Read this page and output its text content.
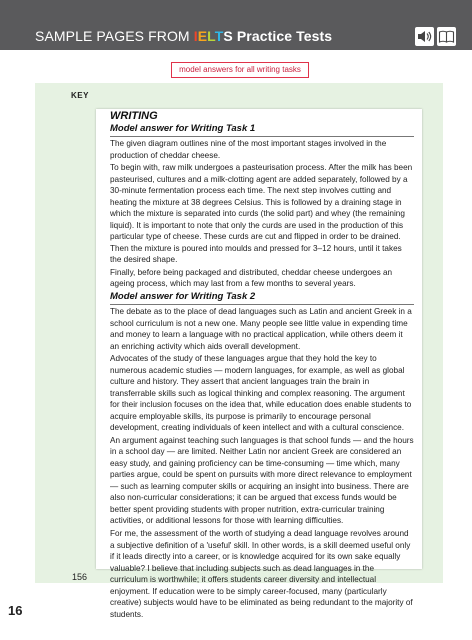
SAMPLE PAGES FROM IELTS Practice Tests
model answers for all writing tasks
KEY
WRITING
Model answer for Writing Task 1

The given diagram outlines nine of the most important stages involved in the production of cheddar cheese.

To begin with, raw milk undergoes a pasteurisation process. After the milk has been pasteurised, cultures and a milk-clotting agent are added separately, followed by a 30-minute fermentation process each time. The next step involves cutting and heating the mixture at 38 degrees Celsius. This is followed by a draining stage in which the mixture is separated into curds (the solid part) and whey (the remaining liquid). It is important to note that only the curds are used in the production of this particular type of cheese. These curds are cut and flipped in order to be drained. Then the mixture is poured into moulds and pressed for 3–12 hours, until it takes the desired shape.

Finally, before being packaged and distributed, cheddar cheese undergoes an ageing process, which may last from a few months to several years.

Model answer for Writing Task 2

The debate as to the place of dead languages such as Latin and ancient Greek in a school curriculum is not a new one. Many people see little value in expending time and money to learn a language with no practical application, while others deem it an enriching activity which aids overall development.

Advocates of the study of these languages argue that they hold the key to numerous academic studies — modern languages, for example, as well as global culture and history. They assert that ancient languages train the brain in transferrable skills such as logical thinking and complex reasoning. The argument for their inclusion focuses on the idea that, while education does enable students to acquire employable skills, its purpose is primarily to encourage personal development, creating individuals of keen intellect and with a cultural conscience.

An argument against teaching such languages is that school funds — and the hours in a school day — are limited. Neither Latin nor ancient Greek are considered an easy study, and gaining proficiency can be time-consuming — time which, many parties argue, could be spent on pursuits with more direct relevance to employment — such as learning computer skills or acquiring an insight into business. There are also non-curricular considerations; it can be argued that excess funds would be better spent providing students with proper nutrition, extra-curricular training activities, or additional lessons for those with learning difficulties.

For me, the assessment of the worth of studying a dead language revolves around a subjective definition of a 'useful' skill. In other words, is a skill deemed useful only if it leads directly into a career, or is knowledge acquired for its own sake equally valuable? I believe that including subjects such as dead languages in the curriculum is worthwhile; it offers students career diversity and intellectual enjoyment. If education were to be simply career-focused, many (particularly creative) subjects would have to be eliminated as being redundant to the majority of students.

156
16
